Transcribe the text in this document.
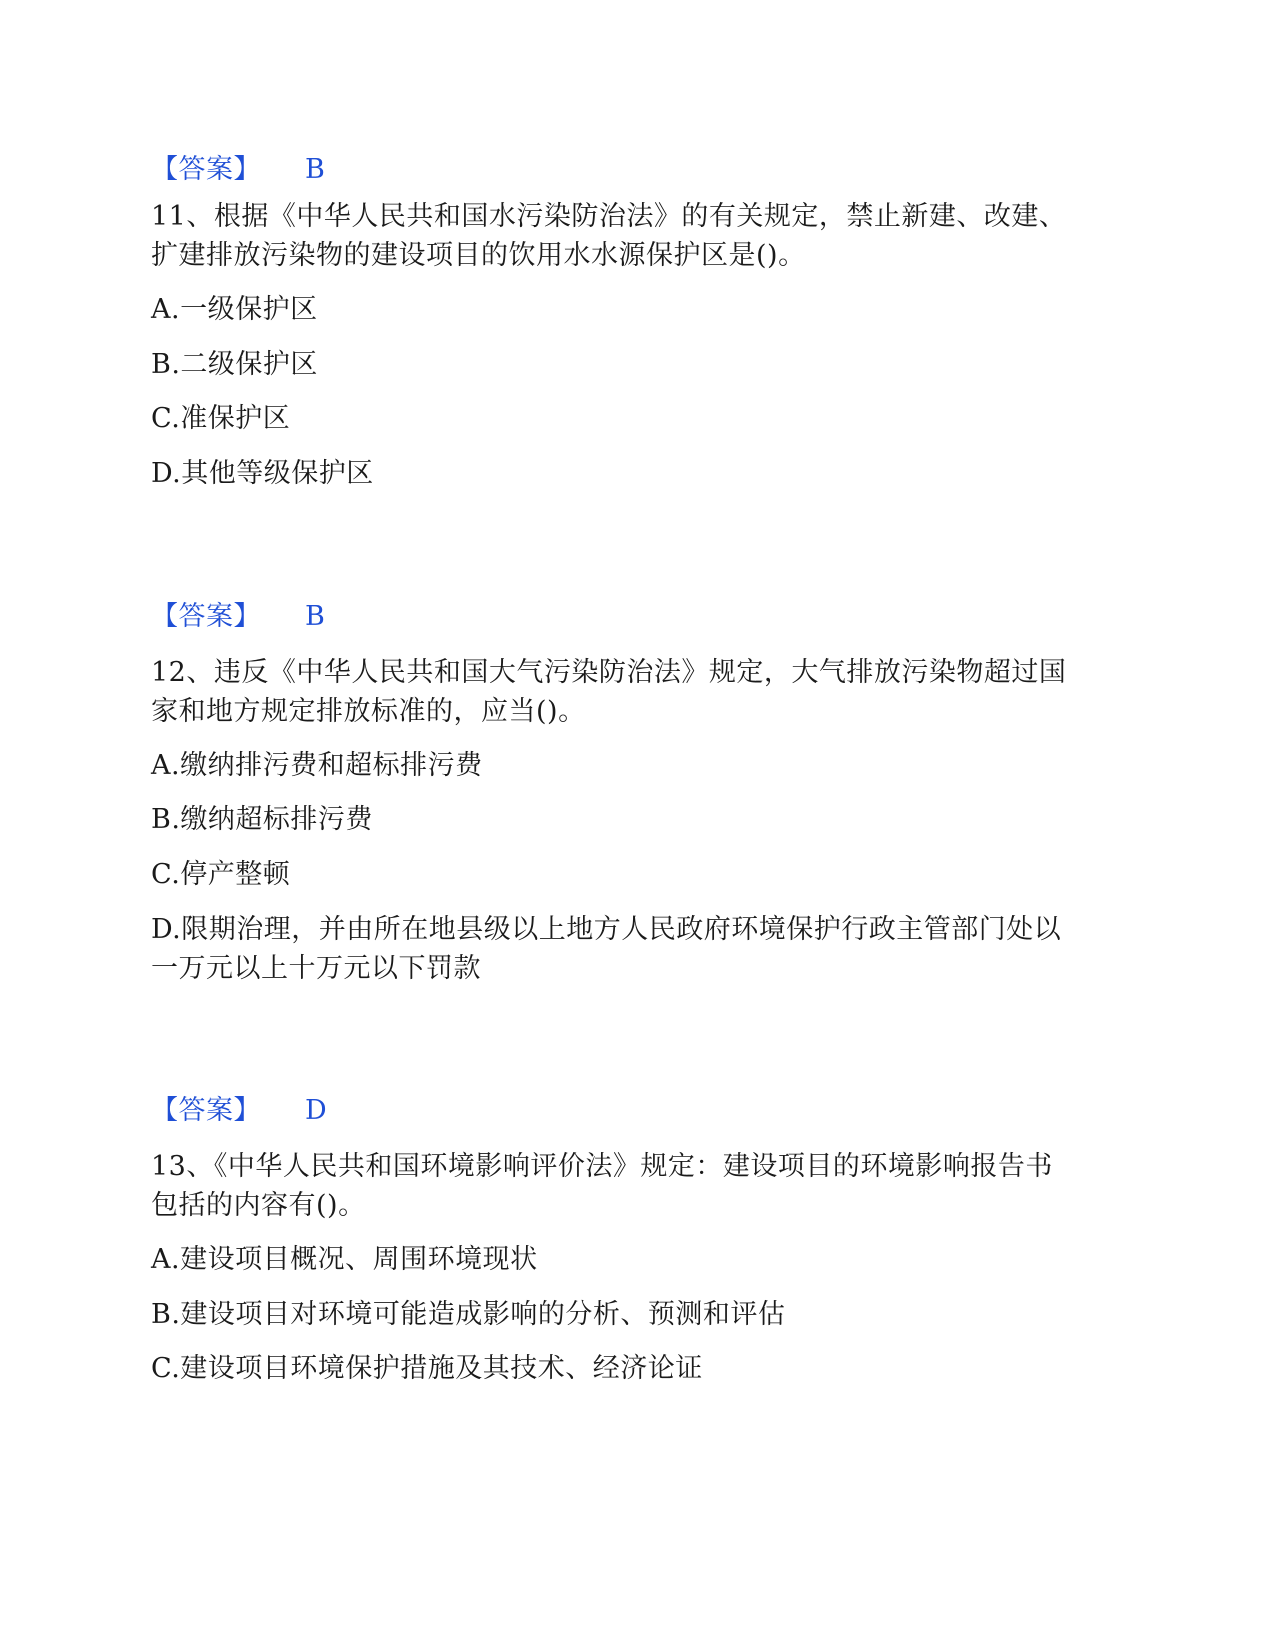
【答案】 B
11、根据《中华人民共和国水污染防治法》的有关规定，禁止新建、改建、
扩建排放污染物的建设项目的饮用水水源保护区是()。
A.一级保护区
B.二级保护区
C.准保护区
D.其他等级保护区
【答案】 B
12、违反《中华人民共和国大气污染防治法》规定，大气排放污染物超过国
家和地方规定排放标准的，应当()。
A.缴纳排污费和超标排污费
B.缴纳超标排污费
C.停产整顿
D.限期治理，并由所在地县级以上地方人民政府环境保护行政主管部门处以
一万元以上十万元以下罚款
【答案】 D
13、《中华人民共和国环境影响评价法》规定：建设项目的环境影响报告书
包括的内容有()。
A.建设项目概况、周围环境现状
B.建设项目对环境可能造成影响的分析、预测和评估
C.建设项目环境保护措施及其技术、经济论证
